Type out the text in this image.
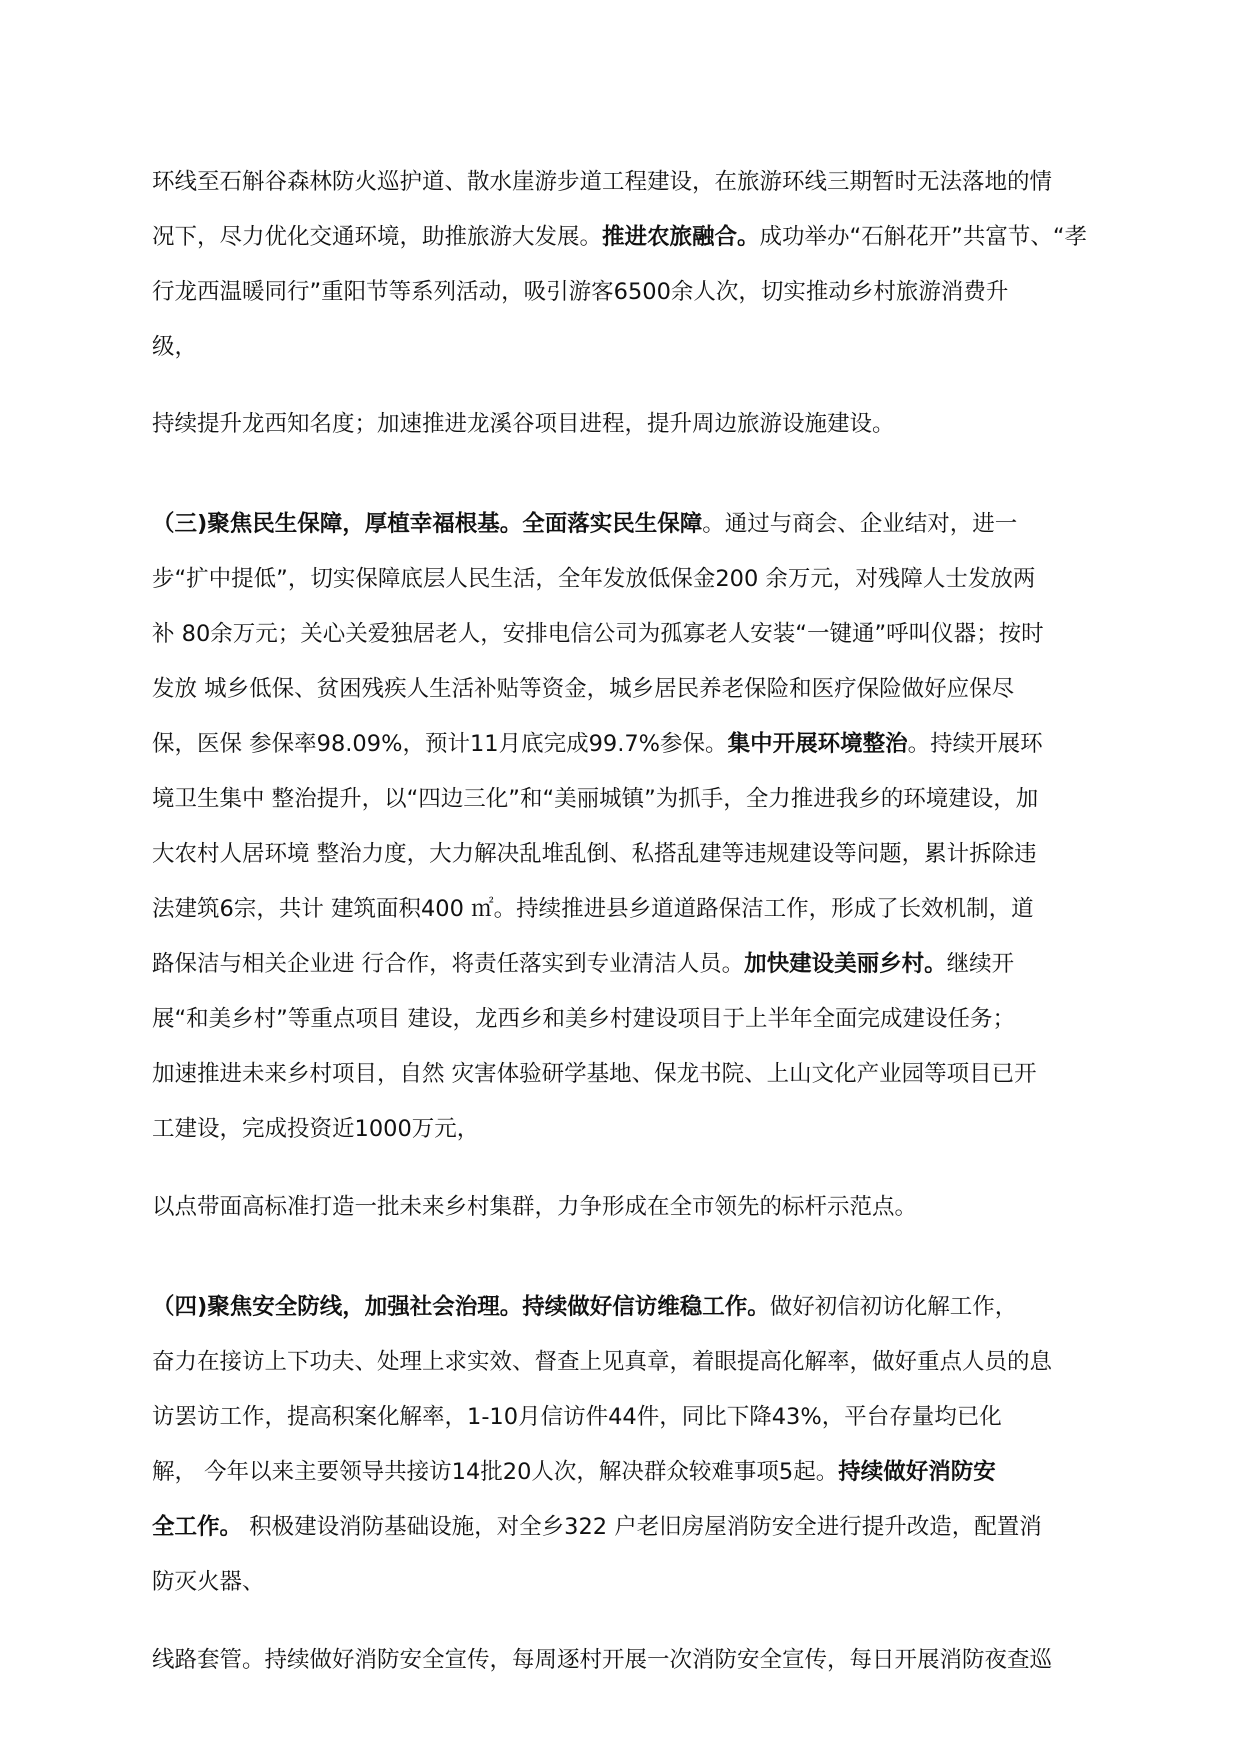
环线至石斛谷森林防火巡护道、散水崖游步道工程建设，在旅游环线三期暂时无法落地的情
况下，尽力优化交通环境，助推旅游大发展。推进农旅融合。成功举办“石斛花开”共富节、“孝
行龙西温暖同行”重阳节等系列活动，吸引游客6500余人次，切实推动乡村旅游消费升
级，
持续提升龙西知名度；加速推进龙溪谷项目进程，提升周边旅游设施建设。
（三)聚焦民生保障，厚植幸福根基。全面落实民生保障。通过与商会、企业结对，进一
步“扩中提低”，切实保障底层人民生活，全年发放低保金200 余万元，对残障人士发放两
补 80余万元；关心关爱独居老人，安排电信公司为孤寡老人安装“一键通”呼叫仪器；按时
发放 城乡低保、贫困残疾人生活补贴等资金，城乡居民养老保险和医疗保险做好应保尽
保，医保 参保率98.09%，预计11月底完成99.7%参保。集中开展环境整治。持续开展环
境卫生集中 整治提升，以“四边三化”和“美丽城镇”为抓手，全力推进我乡的环境建设，加
大农村人居环境 整治力度，大力解决乱堆乱倒、私搭乱建等违规建设等问题，累计拆除违
法建筑6宗，共计 建筑面积400 ㎡。持续推进县乡道道路保洁工作，形成了长效机制，道
路保洁与相关企业进 行合作，将责任落实到专业清洁人员。加快建设美丽乡村。继续开
展“和美乡村”等重点项目 建设，龙西乡和美乡村建设项目于上半年全面完成建设任务；
加速推进未来乡村项目，自然 灾害体验研学基地、保龙书院、上山文化产业园等项目已开
工建设，完成投资近1000万元，
以点带面高标准打造一批未来乡村集群，力争形成在全市领先的标杆示范点。
（四)聚焦安全防线，加强社会治理。持续做好信访维稳工作。做好初信初访化解工作，
奋力在接访上下功夫、处理上求实效、督查上见真章，着眼提高化解率，做好重点人员的息
访罢访工作，提高积案化解率，1-10月信访件44件，同比下降43%，平台存量均已化
解， 今年以来主要领导共接访14批20人次，解决群众较难事项5起。持续做好消防安
全工作。 积极建设消防基础设施，对全乡322 户老旧房屋消防安全进行提升改造，配置消
防灭火器、
线路套管。持续做好消防安全宣传，每周逐村开展一次消防安全宣传，每日开展消防夜查巡
